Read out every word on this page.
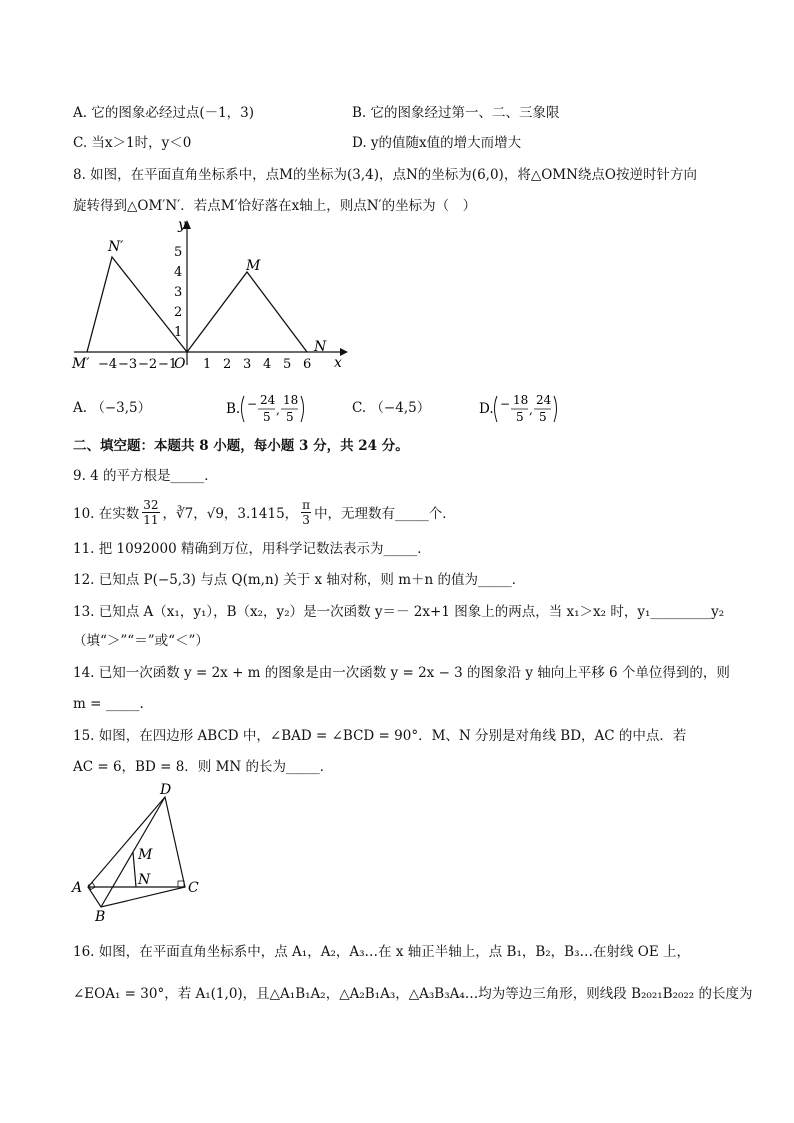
A. 它的图象必经过点(－1，3)	B. 它的图象经过第一、二、三象限
C. 当x＞1时，y＜0	D. y的值随x值的增大而增大
8. 如图，在平面直角坐标系中，点M的坐标为(3,4)，点N的坐标为(6,0)，将△OMN绕点O按逆时针方向
旋转得到△OM′N′．若点M′恰好落在x轴上，则点N′的坐标为（　）
y
x
O
1
2
3
4
5
−4 −3 −2 −1 1 2 3 4 5 6
N′
M
N
M′
A. （−3,5）	B. − 24
5 ,
18
5
C. （−4,5）	D. − 18
5 ,
24
5
二、填空题：本题共 8 小题，每小题 3 分，共 24 分。
9. 4 的平方根是_____．
10. 在实数 $\frac{32}{11}$ ，∛7，√9，3.1415， $\frac{\pi}{3}$ 中，无理数有_____个．
11. 把 1092000 精确到万位，用科学记数法表示为_____．
12. 已知点 P(−5,3) 与点 Q(m,n) 关于 x 轴对称，则 m＋n 的值为_____．
13. 已知点 A（x₁，y₁），B（x₂，y₂）是一次函数 y＝－ 2x+1 图象上的两点，当 x₁＞x₂ 时，y₁_________y₂
（填“＞”“＝”或“＜”）
14. 已知一次函数 y = 2x + m 的图象是由一次函数 y = 2x − 3 的图象沿 y 轴向上平移 6 个单位得到的，则
m = _____.
15. 如图，在四边形 ABCD 中，∠BAD = ∠BCD = 90°．M、N 分别是对角线 BD，AC 的中点．若
AC = 6，BD = 8．则 MN 的长为_____．
A
B
C
D
M
N
16. 如图，在平面直角坐标系中，点 A₁，A₂，A₃…在 x 轴正半轴上，点 B₁，B₂，B₃…在射线 OE 上，
∠EOA₁ = 30°，若 A₁(1,0)，且△A₁B₁A₂，△A₂B₁A₃，△A₃B₃A₄…均为等边三角形，则线段 B₂₀₂₁B₂₀₂₂ 的长度为
